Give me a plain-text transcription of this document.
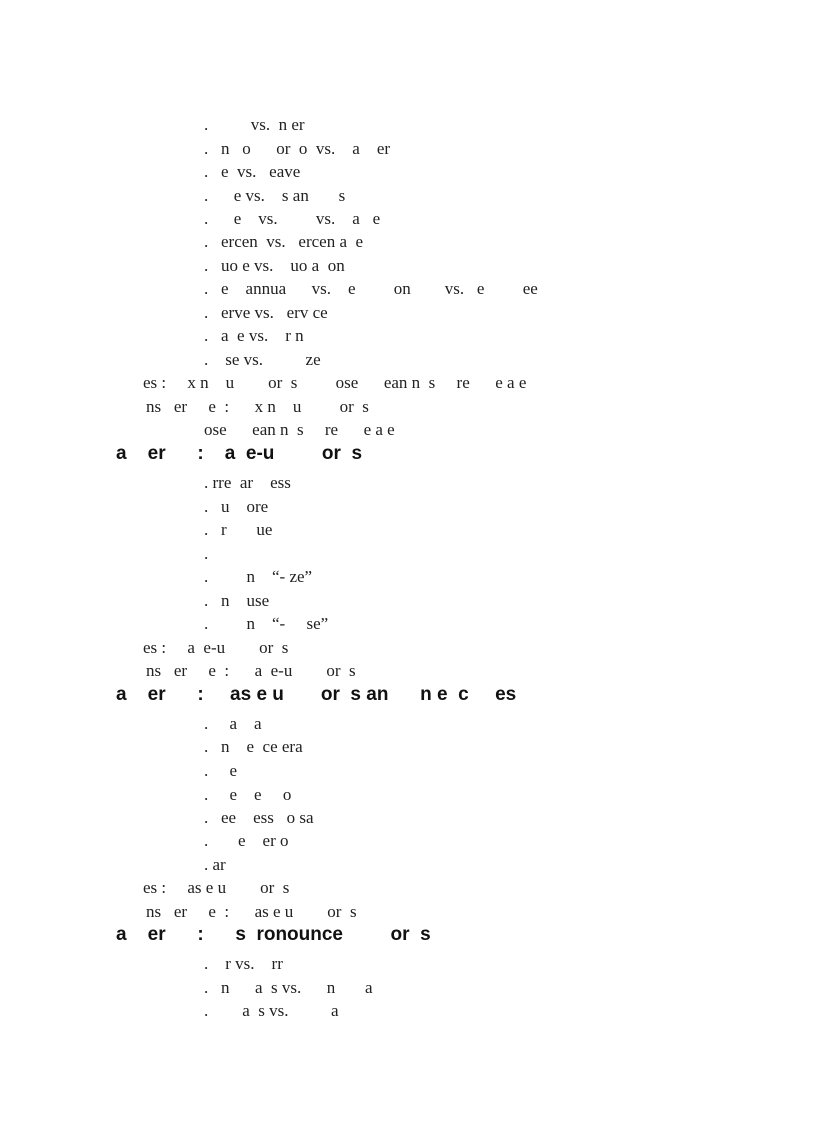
.          vs.  n er
.   n   o      or  o  vs.    a    er
.   e  vs.   eave
.      e vs.    s an       s
.      e    vs.         vs.    a   e
.   ercen  vs.   ercen a  e
.   uo e vs.    uo a  on
.   e    annua      vs.    e         on        vs.   e         ee
.   erve vs.   erv ce
.   a  e vs.    r n
.    se vs.          ze
es :     x n    u        or  s         ose      ean n  s     re      e a e
ns   er     e  :      x n    u         or  s
ose      ean n  s     re      e a e
a    er      :    a  e-u         or  s
. rre  ar    ess
.   u    ore
.   r       ue
.
.         n    “- ze”
.   n    use
.         n    “-     se”
es :     a  e-u        or  s
ns   er     e  :      a  e-u        or  s
a    er      :     as e u       or  s an      n e  c     es
.     a    a
.   n    e  ce era
.     e
.     e    e     o
.   ee    ess   o sa
.       e    er o
. ar
es :     as e u        or  s
ns   er     e  :      as e u        or  s
a    er      :      s  ronounce         or  s
.    r vs.    rr
.   n      a  s vs.      n       a
.        a  s vs.          a
